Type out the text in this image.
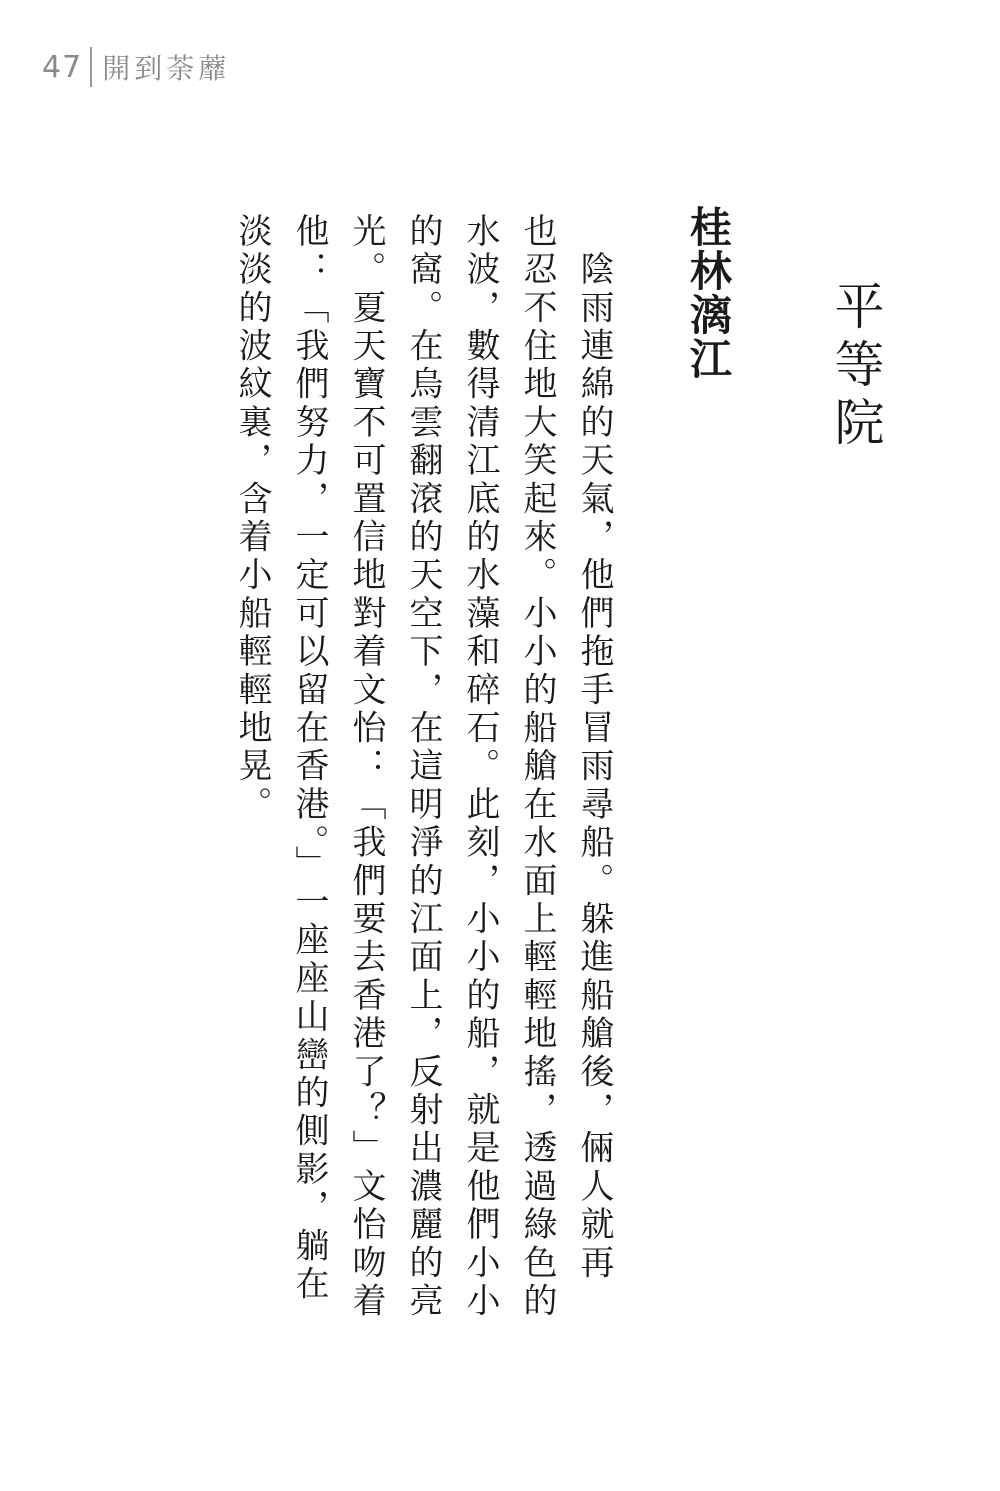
47 開到荼蘼
平等院
桂林漓江
　陰雨連綿的天氣，他們拖手冒雨尋船。躲進船艙後，倆人就再
也忍不住地大笑起來。小小的船艙在水面上輕輕地搖，透過綠色的
水波，數得清江底的水藻和碎石。此刻，小小的船，就是他們小小
的窩。在烏雲翻滾的天空下，在這明淨的江面上，反射出濃麗的亮
光。夏天寶不可置信地對着文怡：「我們要去香港了？」文怡吻着
他：「我們努力，一定可以留在香港。」一座座山巒的側影，躺在
淡淡的波紋裏，含着小船輕輕地晃。
